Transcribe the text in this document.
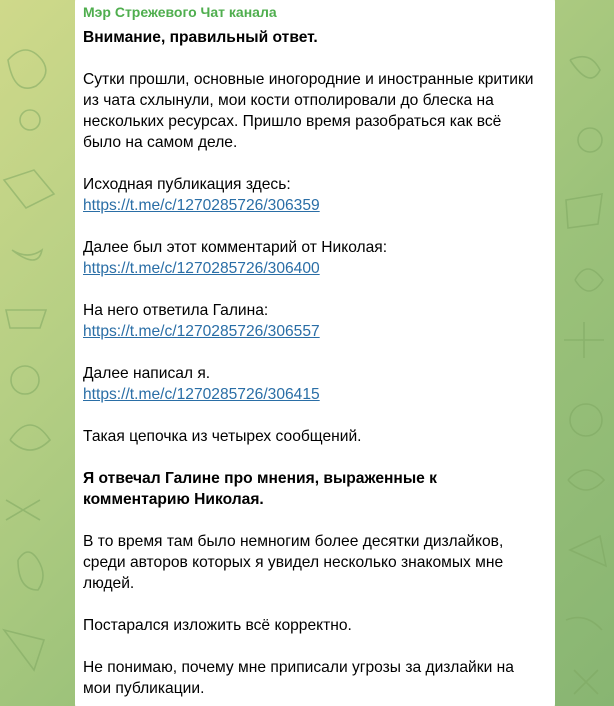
Мэр Стрежевого Чат канала
Внимание, правильный ответ.
Сутки прошли, основные иногородние и иностранные критики из чата схлынули, мои кости отполировали до блеска на нескольких ресурсах. Пришло время разобраться как всё было на самом деле.
Исходная публикация здесь:
https://t.me/c/1270285726/306359
Далее был этот комментарий от Николая:
https://t.me/c/1270285726/306400
На него ответила Галина:
https://t.me/c/1270285726/306557
Далее написал я.
https://t.me/c/1270285726/306415
Такая цепочка из четырех сообщений.
Я отвечал Галине про мнения, выраженные к комментарию Николая.
В то время там было немногим более десятки дизлайков, среди авторов которых я увидел несколько знакомых мне людей.
Постарался изложить всё корректно.
Не понимаю, почему мне приписали угрозы за дизлайки на мои публикации.
